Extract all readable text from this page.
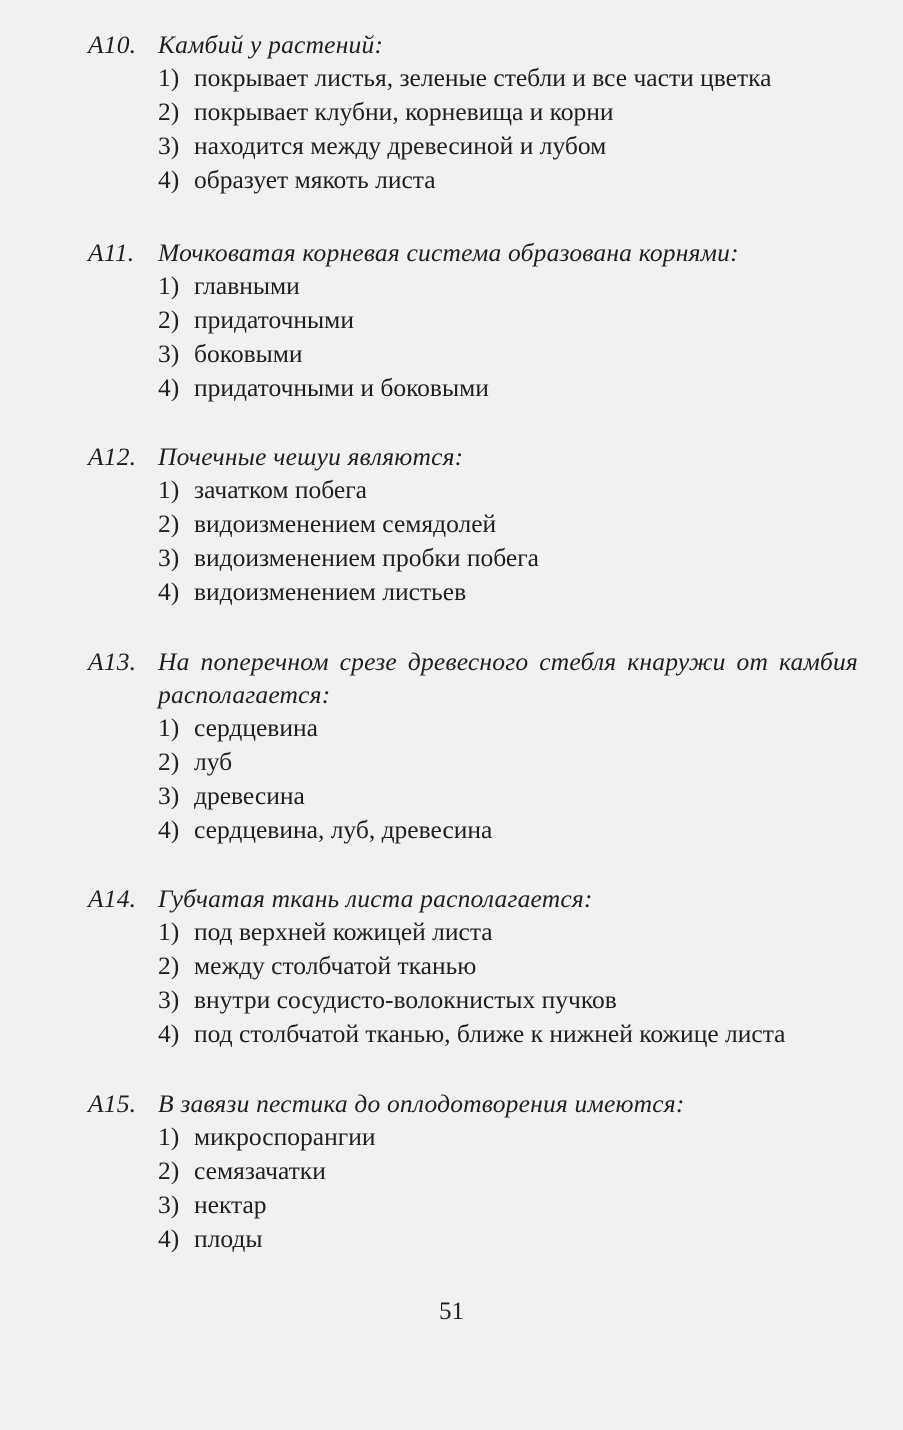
А10. Камбий у растений:
1) покрывает листья, зеленые стебли и все части цветка
2) покрывает клубни, корневища и корни
3) находится между древесиной и лубом
4) образует мякоть листа
А11. Мочковатая корневая система образована корнями:
1) главными
2) придаточными
3) боковыми
4) придаточными и боковыми
А12. Почечные чешуи являются:
1) зачатком побега
2) видоизменением семядолей
3) видоизменением пробки побега
4) видоизменением листьев
А13. На поперечном срезе древесного стебля кнаружи от камбия располагается:
1) сердцевина
2) луб
3) древесина
4) сердцевина, луб, древесина
А14. Губчатая ткань листа располагается:
1) под верхней кожицей листа
2) между столбчатой тканью
3) внутри сосудисто-волокнистых пучков
4) под столбчатой тканью, ближе к нижней кожице листа
А15. В завязи пестика до оплодотворения имеются:
1) микроспорангии
2) семязачатки
3) нектар
4) плоды
51
